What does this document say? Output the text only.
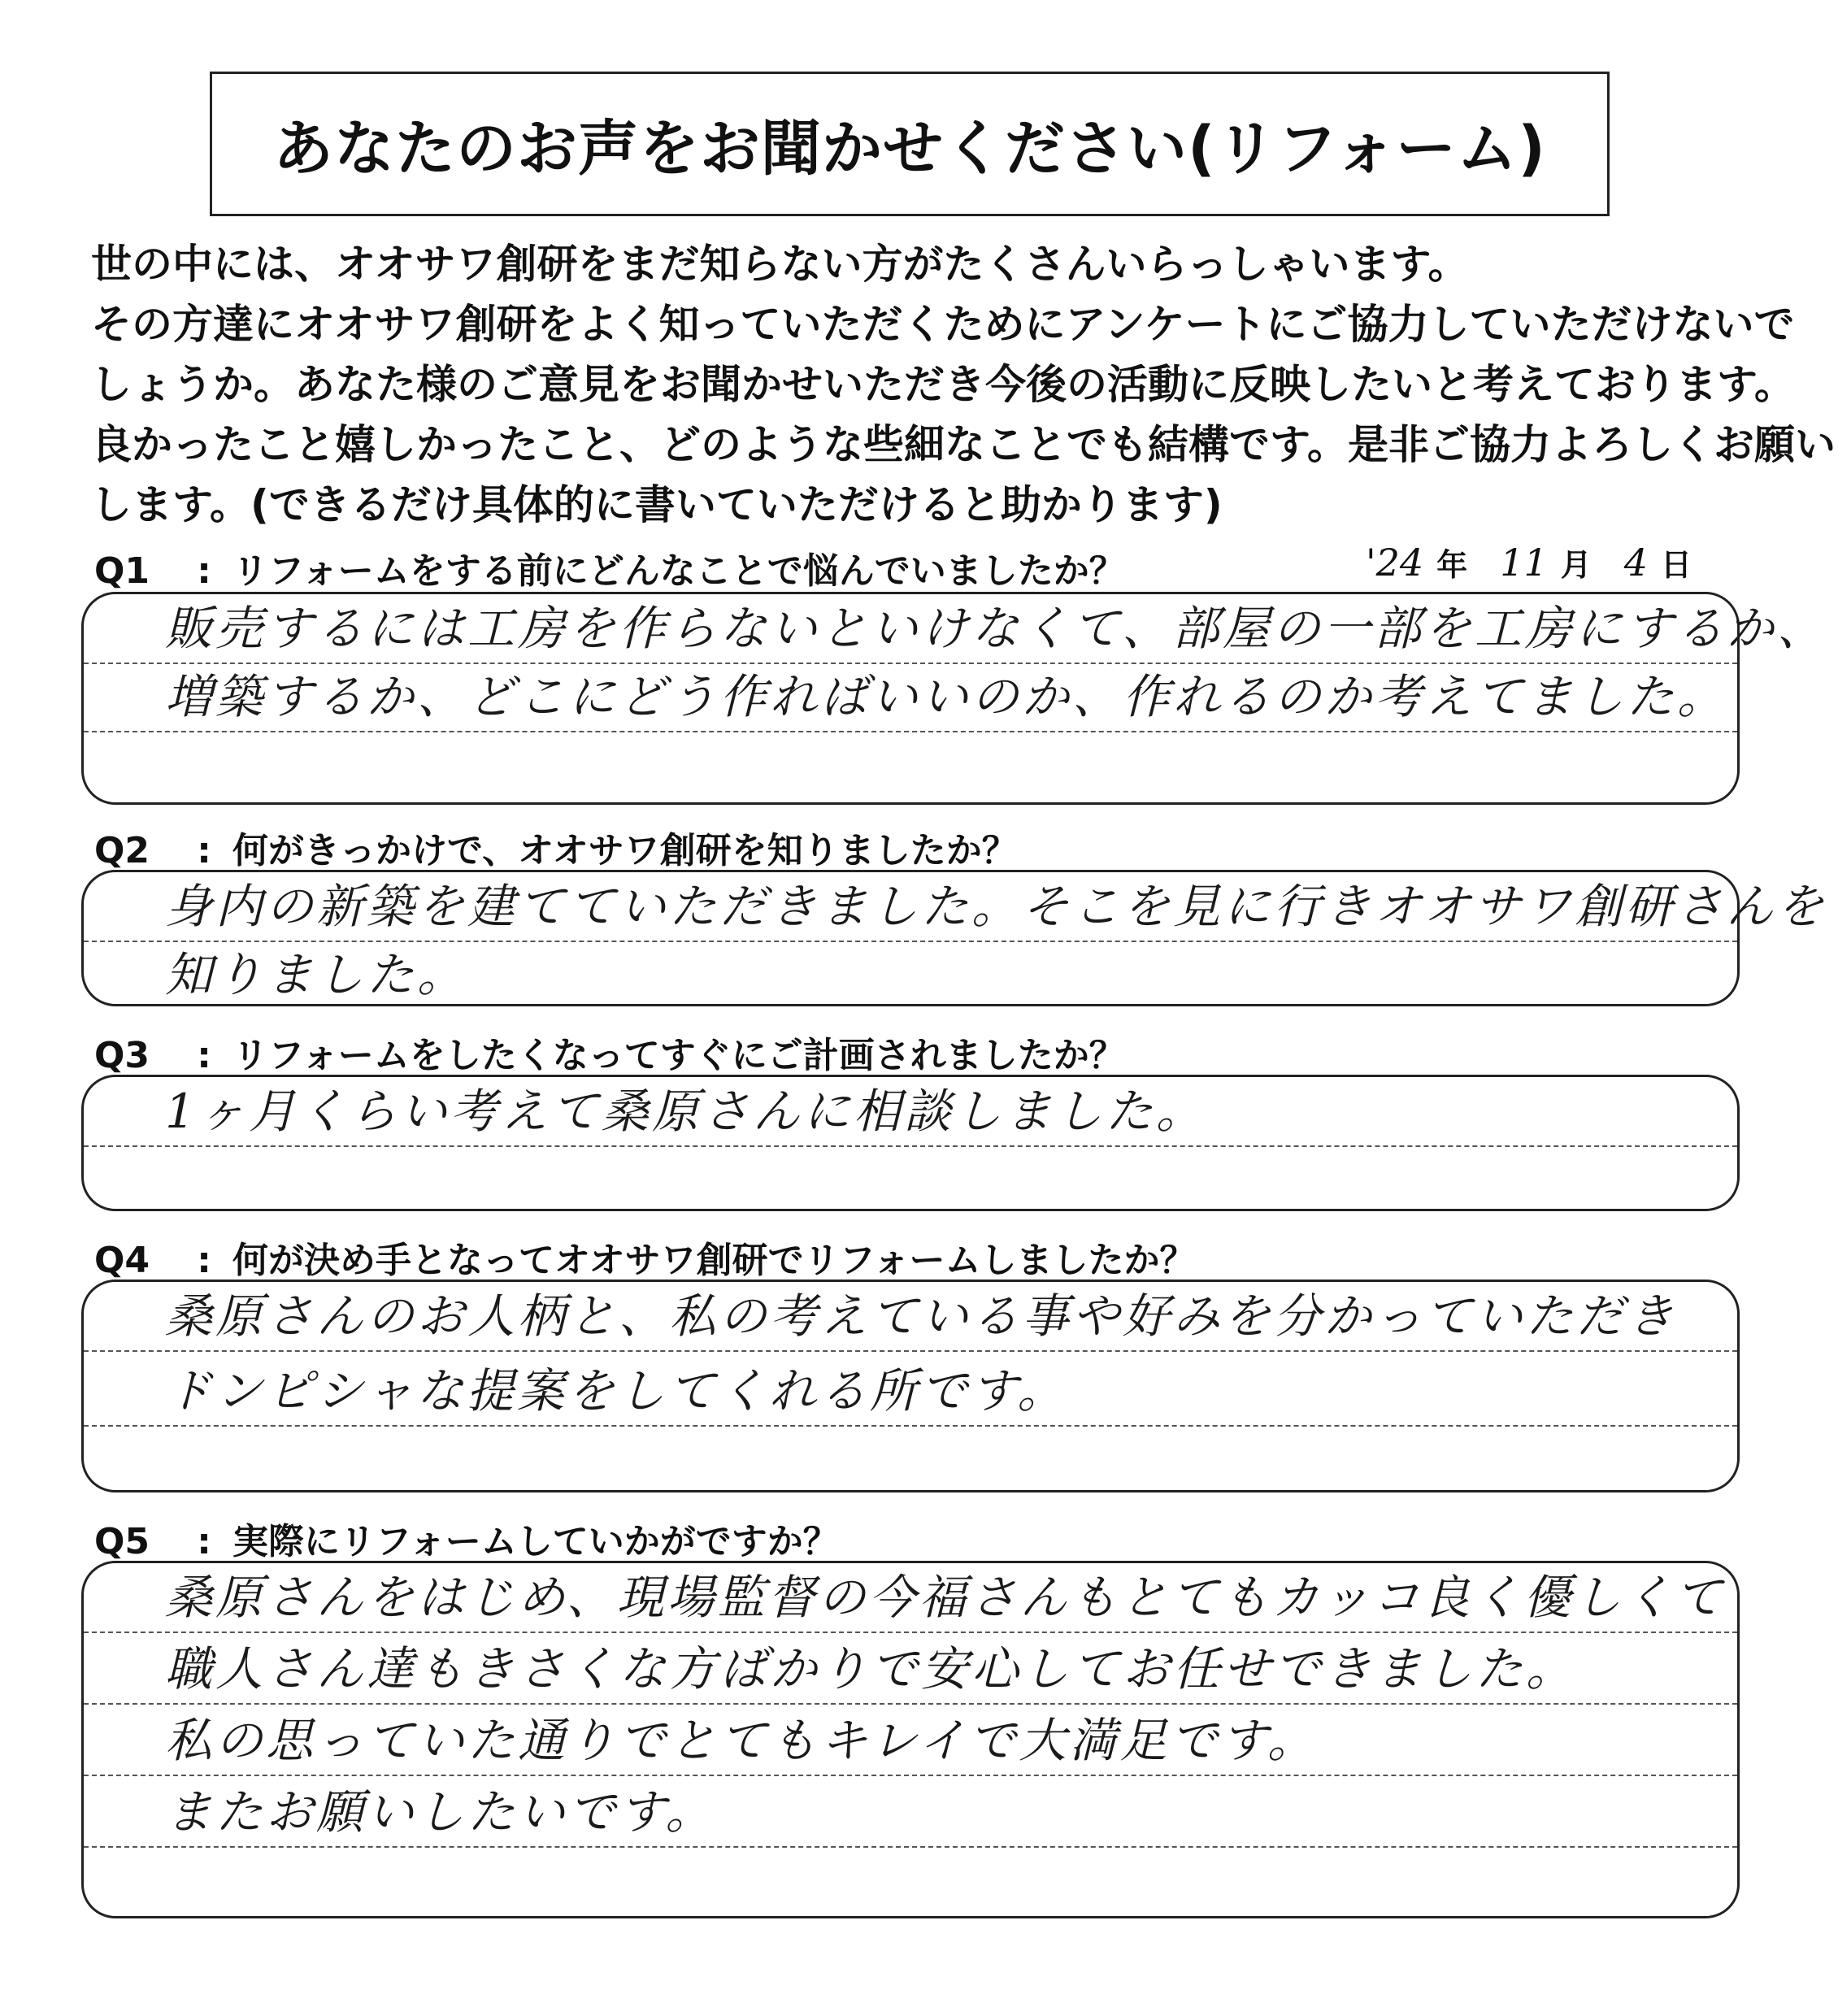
あなたのお声をお聞かせください(リフォーム)

世の中には、オオサワ創研をまだ知らない方がたくさんいらっしゃいます。

その方達にオオサワ創研をよく知っていただくためにアンケートにご協力していただけないで

しょうか。あなた様のご意見をお聞かせいただき今後の活動に反映したいと考えております。

良かったこと嬉しかったこと、どのような些細なことでも結構です。是非ご協力よろしくお願い

します。(できるだけ具体的に書いていただけると助かります)

Q1 : リフォームをする前にどんなことで悩んでいましたか？	'24 年 11 月 4 日
販売するには工房を作らないといけなくて、部屋の一部を工房にするか、
増築するか、どこにどう作ればいいのか、作れるのか考えてました。
Q2 : 何がきっかけで、オオサワ創研を知りましたか？
身内の新築を建てていただきました。そこを見に行きオオサワ創研さんを
知りました。
Q3 : リフォームをしたくなってすぐにご計画されましたか？
1ヶ月くらい考えて桑原さんに相談しました。
Q4 : 何が決め手となってオオサワ創研でリフォームしましたか？
桑原さんのお人柄と、私の考えている事や好みを分かっていただき
ドンピシャな提案をしてくれる所です。
Q5 : 実際にリフォームしていかがですか？
桑原さんをはじめ、現場監督の今福さんもとてもカッコ良く優しくて
職人さん達もきさくな方ばかりで安心してお任せできました。
私の思っていた通りでとてもキレイで大満足です。
またお願いしたいです。
